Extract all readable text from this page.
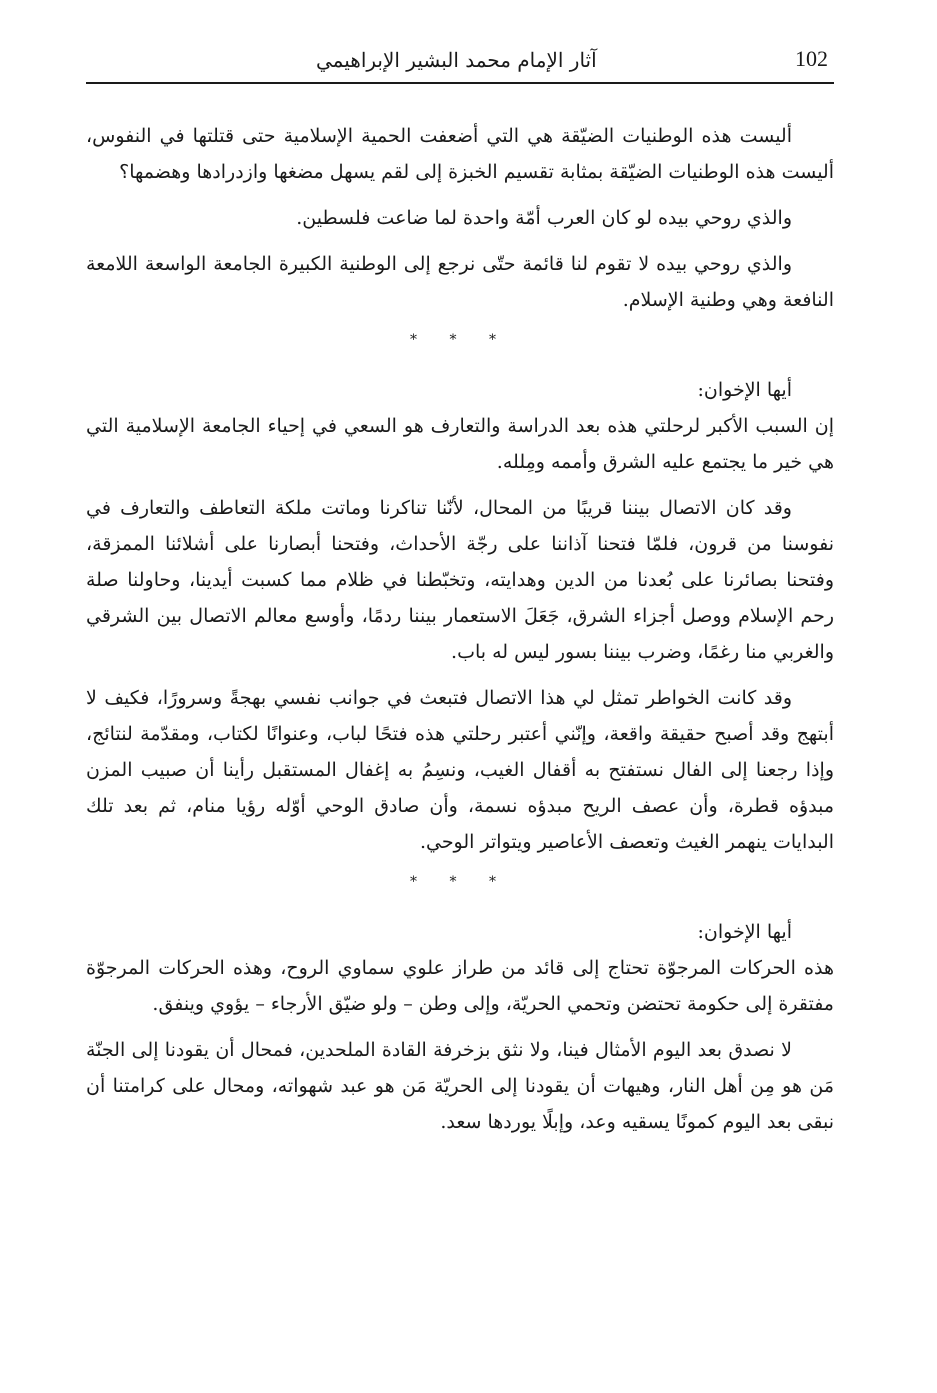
102
آثار الإمام محمد البشير الإبراهيمي

أليست هذه الوطنيات الضيّقة هي التي أضعفت الحمية الإسلامية حتى قتلتها في النفوس، أليست هذه الوطنيات الضيّقة بمثابة تقسيم الخبزة إلى لقم يسهل مضغها وازدرادها وهضمها؟

والذي روحي بيده لو كان العرب أمّة واحدة لما ضاعت فلسطين.

والذي روحي بيده لا تقوم لنا قائمة حتّى نرجع إلى الوطنية الكبيرة الجامعة الواسعة اللامعة النافعة وهي وطنية الإسلام.

* * *

أيها الإخوان:

إن السبب الأكبر لرحلتي هذه بعد الدراسة والتعارف هو السعي في إحياء الجامعة الإسلامية التي هي خير ما يجتمع عليه الشرق وأممه ومِلله.

وقد كان الاتصال بيننا قريبًا من المحال، لأنّنا تناكرنا وماتت ملكة التعاطف والتعارف في نفوسنا من قرون، فلمّا فتحنا آذاننا على رجّة الأحداث، وفتحنا أبصارنا على أشلائنا الممزقة، وفتحنا بصائرنا على بُعدنا من الدين وهدايته، وتخبّطنا في ظلام مما كسبت أيدينا، وحاولنا صلة رحم الإسلام ووصل أجزاء الشرق، جَعَلَ الاستعمار بيننا ردمًا، وأوسع معالم الاتصال بين الشرقي والغربي منا رغمًا، وضرب بيننا بسور ليس له باب.

وقد كانت الخواطر تمثل لي هذا الاتصال فتبعث في جوانب نفسي بهجةً وسرورًا، فكيف لا أبتهج وقد أصبح حقيقة واقعة، وإنّني أعتبر رحلتي هذه فتحًا لباب، وعنوانًا لكتاب، ومقدّمة لنتائج، وإذا رجعنا إلى الفال نستفتح به أقفال الغيب، ونسِمُ به إغفال المستقبل رأينا أن صبيب المزن مبدؤه قطرة، وأن عصف الريح مبدؤه نسمة، وأن صادق الوحي أوّله رؤيا منام، ثم بعد تلك البدايات ينهمر الغيث وتعصف الأعاصير ويتواتر الوحي.

* * *

أيها الإخوان:

هذه الحركات المرجوّة تحتاج إلى قائد من طراز علوي سماوي الروح، وهذه الحركات المرجوّة مفتقرة إلى حكومة تحتضن وتحمي الحريّة، وإلى وطن – ولو ضيّق الأرجاء – يؤوي وينفق.

لا نصدق بعد اليوم الأمثال فينا، ولا نثق بزخرفة القادة الملحدين، فمحال أن يقودنا إلى الجنّة مَن هو مِن أهل النار، وهيهات أن يقودنا إلى الحريّة مَن هو عبد شهواته، ومحال على كرامتنا أن نبقى بعد اليوم كمونًا يسقيه وعد، وإبلًا يوردها سعد.
